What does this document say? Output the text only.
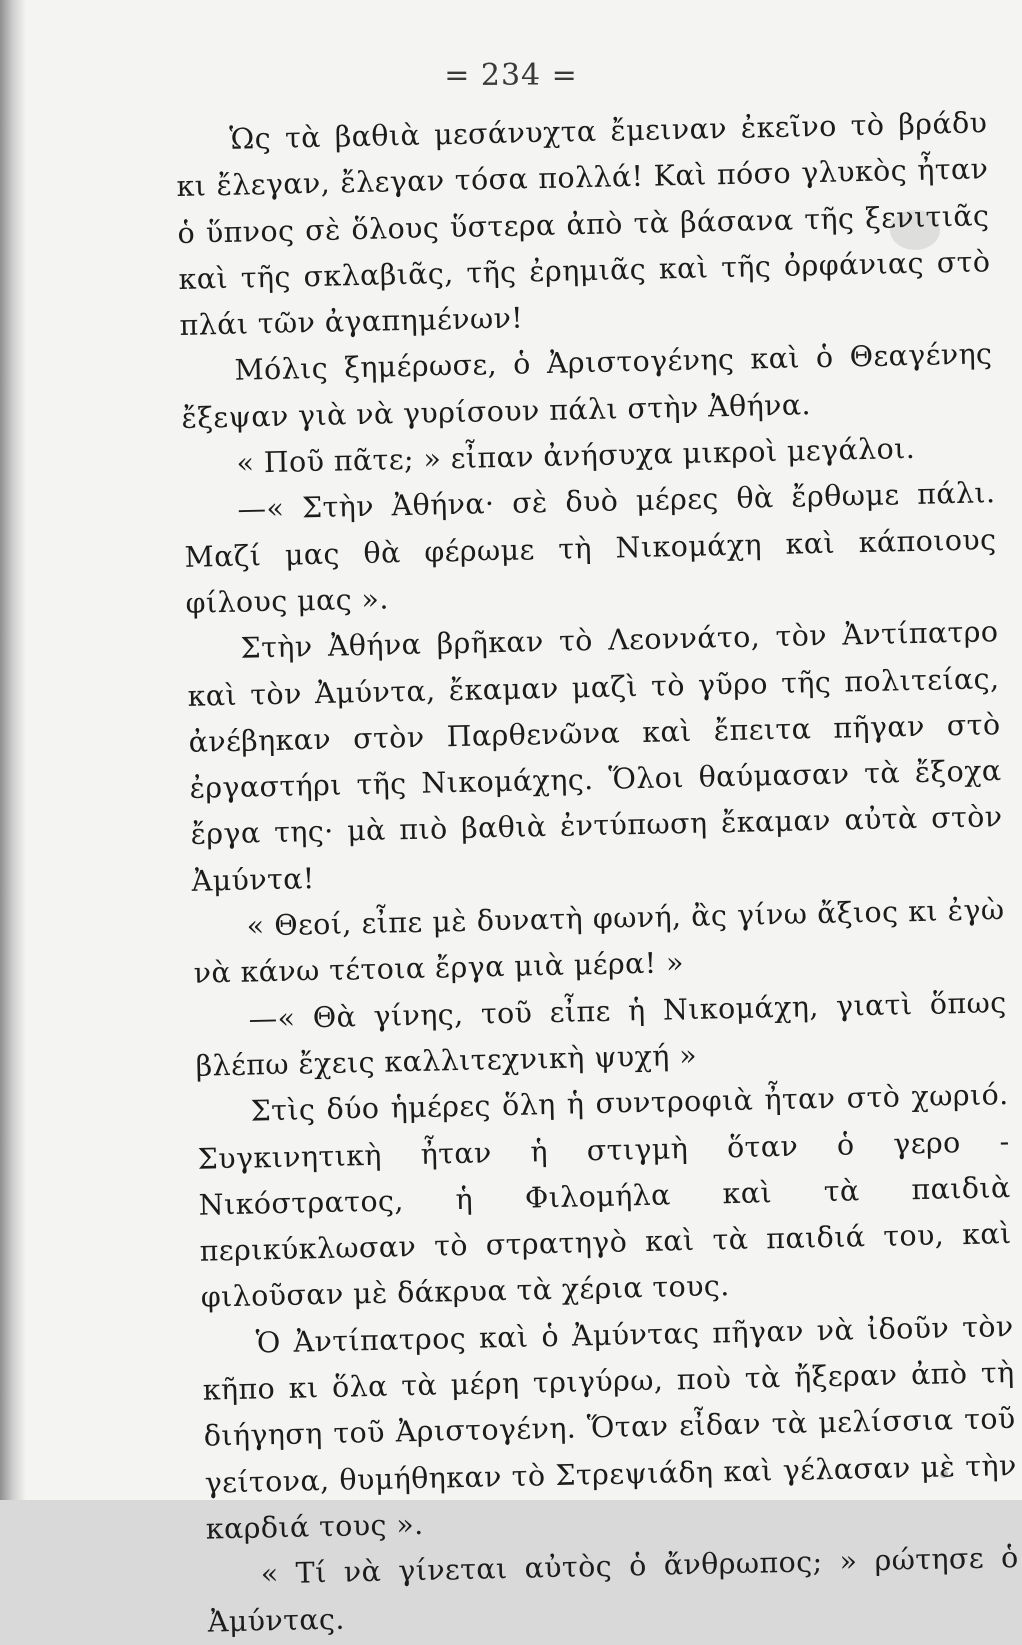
= 234 =

Ὡς τὰ βαθιὰ μεσάνυχτα ἔμειναν ἐκεῖνο τὸ βράδυ κι ἔλεγαν, ἔλεγαν τόσα πολλά! Καὶ πόσο γλυκὸς ἦταν ὁ ὕπνος σὲ ὅλους ὕστερα ἀπὸ τὰ βάσανα τῆς ξενιτιᾶς καὶ τῆς σκλαβιᾶς, τῆς ἐρημιᾶς καὶ τῆς ὀρφάνιας στὸ πλάι τῶν ἀγαπημένων!

Μόλις ξημέρωσε, ὁ Ἀριστογένης καὶ ὁ Θεαγένης ἔξεψαν γιὰ νὰ γυρίσουν πάλι στὴν Ἀθήνα.

« Ποῦ πᾶτε; » εἶπαν ἀνήσυχα μικροὶ μεγάλοι.

—« Στὴν Ἀθήνα· σὲ δυὸ μέρες θὰ ἔρθωμε πάλι. Μαζί μας θὰ φέρωμε τὴ Νικομάχη καὶ κάποιους φίλους μας ».

Στὴν Ἀθήνα βρῆκαν τὸ Λεοννάτο, τὸν Ἀντίπατρο καὶ τὸν Ἀμύντα, ἔκαμαν μαζὶ τὸ γῦρο τῆς πολιτείας, ἀνέβηκαν στὸν Παρθενῶνα καὶ ἔπειτα πῆγαν στὸ ἐργαστήρι τῆς Νικομάχης. Ὅλοι θαύμασαν τὰ ἔξοχα ἔργα της· μὰ πιὸ βαθιὰ ἐντύπωση ἔκαμαν αὐτὰ στὸν Ἀμύντα!

« Θεοί, εἶπε μὲ δυνατὴ φωνή, ἂς γίνω ἄξιος κι ἐγὼ νὰ κάνω τέτοια ἔργα μιὰ μέρα! »

—« Θὰ γίνης, τοῦ εἶπε ἡ Νικομάχη, γιατὶ ὅπως βλέπω ἔχεις καλλιτεχνικὴ ψυχή »

Στὶς δύο ἡμέρες ὅλη ἡ συντροφιὰ ἦταν στὸ χωριό. Συγκινητικὴ ἦταν ἡ στιγμὴ ὅταν ὁ γερο - Νικόστρατος, ἡ Φιλομήλα καὶ τὰ παιδιὰ περικύκλωσαν τὸ στρατηγὸ καὶ τὰ παιδιά του, καὶ φιλοῦσαν μὲ δάκρυα τὰ χέρια τους.

Ὁ Ἀντίπατρος καὶ ὁ Ἀμύντας πῆγαν νὰ ἰδοῦν τὸν κῆπο κι ὅλα τὰ μέρη τριγύρω, ποὺ τὰ ἤξεραν ἀπὸ τὴ διήγηση τοῦ Ἀριστογένη. Ὅταν εἶδαν τὰ μελίσσια τοῦ γείτονα, θυμήθηκαν τὸ Στρεψιάδη καὶ γέλασαν μὲ τὴν καρδιά τους ».

« Τί νὰ γίνεται αὐτὸς ὁ ἄνθρωπος; » ρώτησε ὁ Ἀμύντας.
